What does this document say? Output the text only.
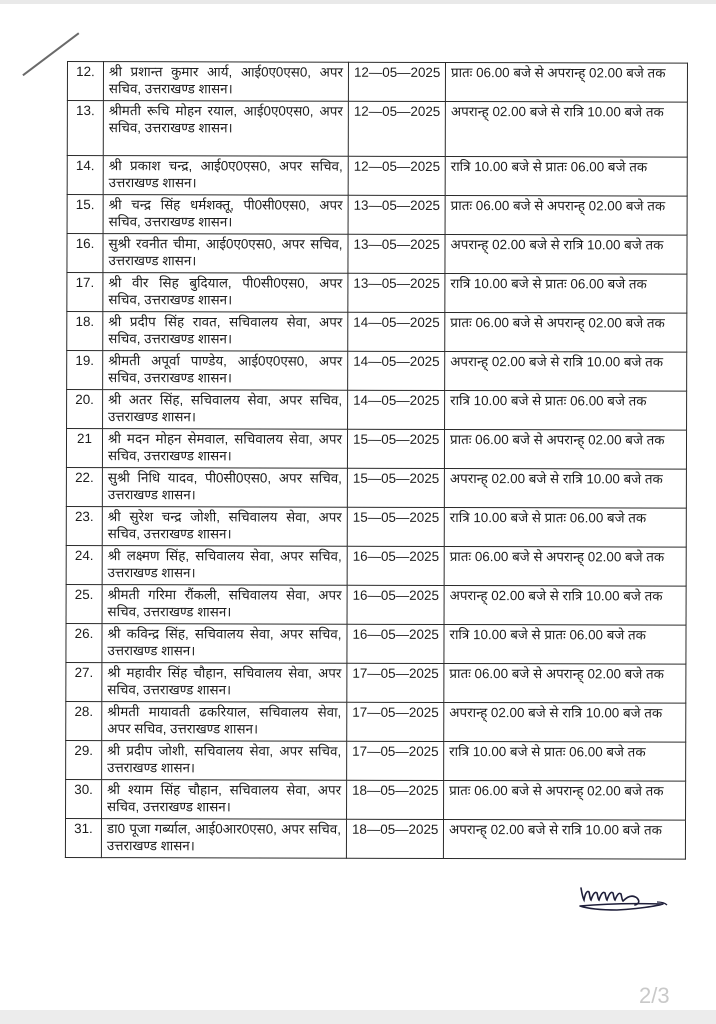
12.	श्री प्रशान्त कुमार आर्य, आई0ए0एस0, अपर सचिव, उत्तराखण्ड शासन।	12—05—2025	प्रातः 06.00 बजे से अपरान्ह् 02.00 बजे तक
13.	श्रीमती रूचि मोहन रयाल, आई0ए0एस0, अपर सचिव, उत्तराखण्ड शासन।	12—05—2025	अपरान्ह् 02.00 बजे से रात्रि 10.00 बजे तक
14.	श्री प्रकाश चन्द्र, आई0ए0एस0, अपर सचिव, उत्तराखण्ड शासन।	12—05—2025	रात्रि 10.00 बजे से प्रातः 06.00 बजे तक
15.	श्री चन्द्र सिंह धर्मशक्तू, पी0सी0एस0, अपर सचिव, उत्तराखण्ड शासन।	13—05—2025	प्रातः 06.00 बजे से अपरान्ह् 02.00 बजे तक
16.	सुश्री रवनीत चीमा, आई0ए0एस0, अपर सचिव, उत्तराखण्ड शासन।	13—05—2025	अपरान्ह् 02.00 बजे से रात्रि 10.00 बजे तक
17.	श्री वीर सिह बुदियाल, पी0सी0एस0, अपर सचिव, उत्तराखण्ड शासन।	13—05—2025	रात्रि 10.00 बजे से प्रातः 06.00 बजे तक
18.	श्री प्रदीप सिंह रावत, सचिवालय सेवा, अपर सचिव, उत्तराखण्ड शासन।	14—05—2025	प्रातः 06.00 बजे से अपरान्ह् 02.00 बजे तक
19.	श्रीमती अपूर्वा पाण्डेय, आई0ए0एस0, अपर सचिव, उत्तराखण्ड शासन।	14—05—2025	अपरान्ह् 02.00 बजे से रात्रि 10.00 बजे तक
20.	श्री अतर सिंह, सचिवालय सेवा, अपर सचिव, उत्तराखण्ड शासन।	14—05—2025	रात्रि 10.00 बजे से प्रातः 06.00 बजे तक
21	श्री मदन मोहन सेमवाल, सचिवालय सेवा, अपर सचिव, उत्तराखण्ड शासन।	15—05—2025	प्रातः 06.00 बजे से अपरान्ह् 02.00 बजे तक
22.	सुश्री निधि यादव, पी0सी0एस0, अपर सचिव, उत्तराखण्ड शासन।	15—05—2025	अपरान्ह् 02.00 बजे से रात्रि 10.00 बजे तक
23.	श्री सुरेश चन्द्र जोशी, सचिवालय सेवा, अपर सचिव, उत्तराखण्ड शासन।	15—05—2025	रात्रि 10.00 बजे से प्रातः 06.00 बजे तक
24.	श्री लक्ष्मण सिंह, सचिवालय सेवा, अपर सचिव, उत्तराखण्ड शासन।	16—05—2025	प्रातः 06.00 बजे से अपरान्ह् 02.00 बजे तक
25.	श्रीमती गरिमा रौंकली, सचिवालय सेवा, अपर सचिव, उत्तराखण्ड शासन।	16—05—2025	अपरान्ह् 02.00 बजे से रात्रि 10.00 बजे तक
26.	श्री कविन्द्र सिंह, सचिवालय सेवा, अपर सचिव, उत्तराखण्ड शासन।	16—05—2025	रात्रि 10.00 बजे से प्रातः 06.00 बजे तक
27.	श्री महावीर सिंह चौहान, सचिवालय सेवा, अपर सचिव, उत्तराखण्ड शासन।	17—05—2025	प्रातः 06.00 बजे से अपरान्ह् 02.00 बजे तक
28.	श्रीमती मायावती ढकरियाल, सचिवालय सेवा, अपर सचिव, उत्तराखण्ड शासन।	17—05—2025	अपरान्ह् 02.00 बजे से रात्रि 10.00 बजे तक
29.	श्री प्रदीप जोशी, सचिवालय सेवा, अपर सचिव, उत्तराखण्ड शासन।	17—05—2025	रात्रि 10.00 बजे से प्रातः 06.00 बजे तक
30.	श्री श्याम सिंह चौहान, सचिवालय सेवा, अपर सचिव, उत्तराखण्ड शासन।	18—05—2025	प्रातः 06.00 बजे से अपरान्ह् 02.00 बजे तक
31.	डा0 पूजा गर्ब्याल, आई0आर0एस0, अपर सचिव, उत्तराखण्ड शासन।	18—05—2025	अपरान्ह् 02.00 बजे से रात्रि 10.00 बजे तक
2/3
